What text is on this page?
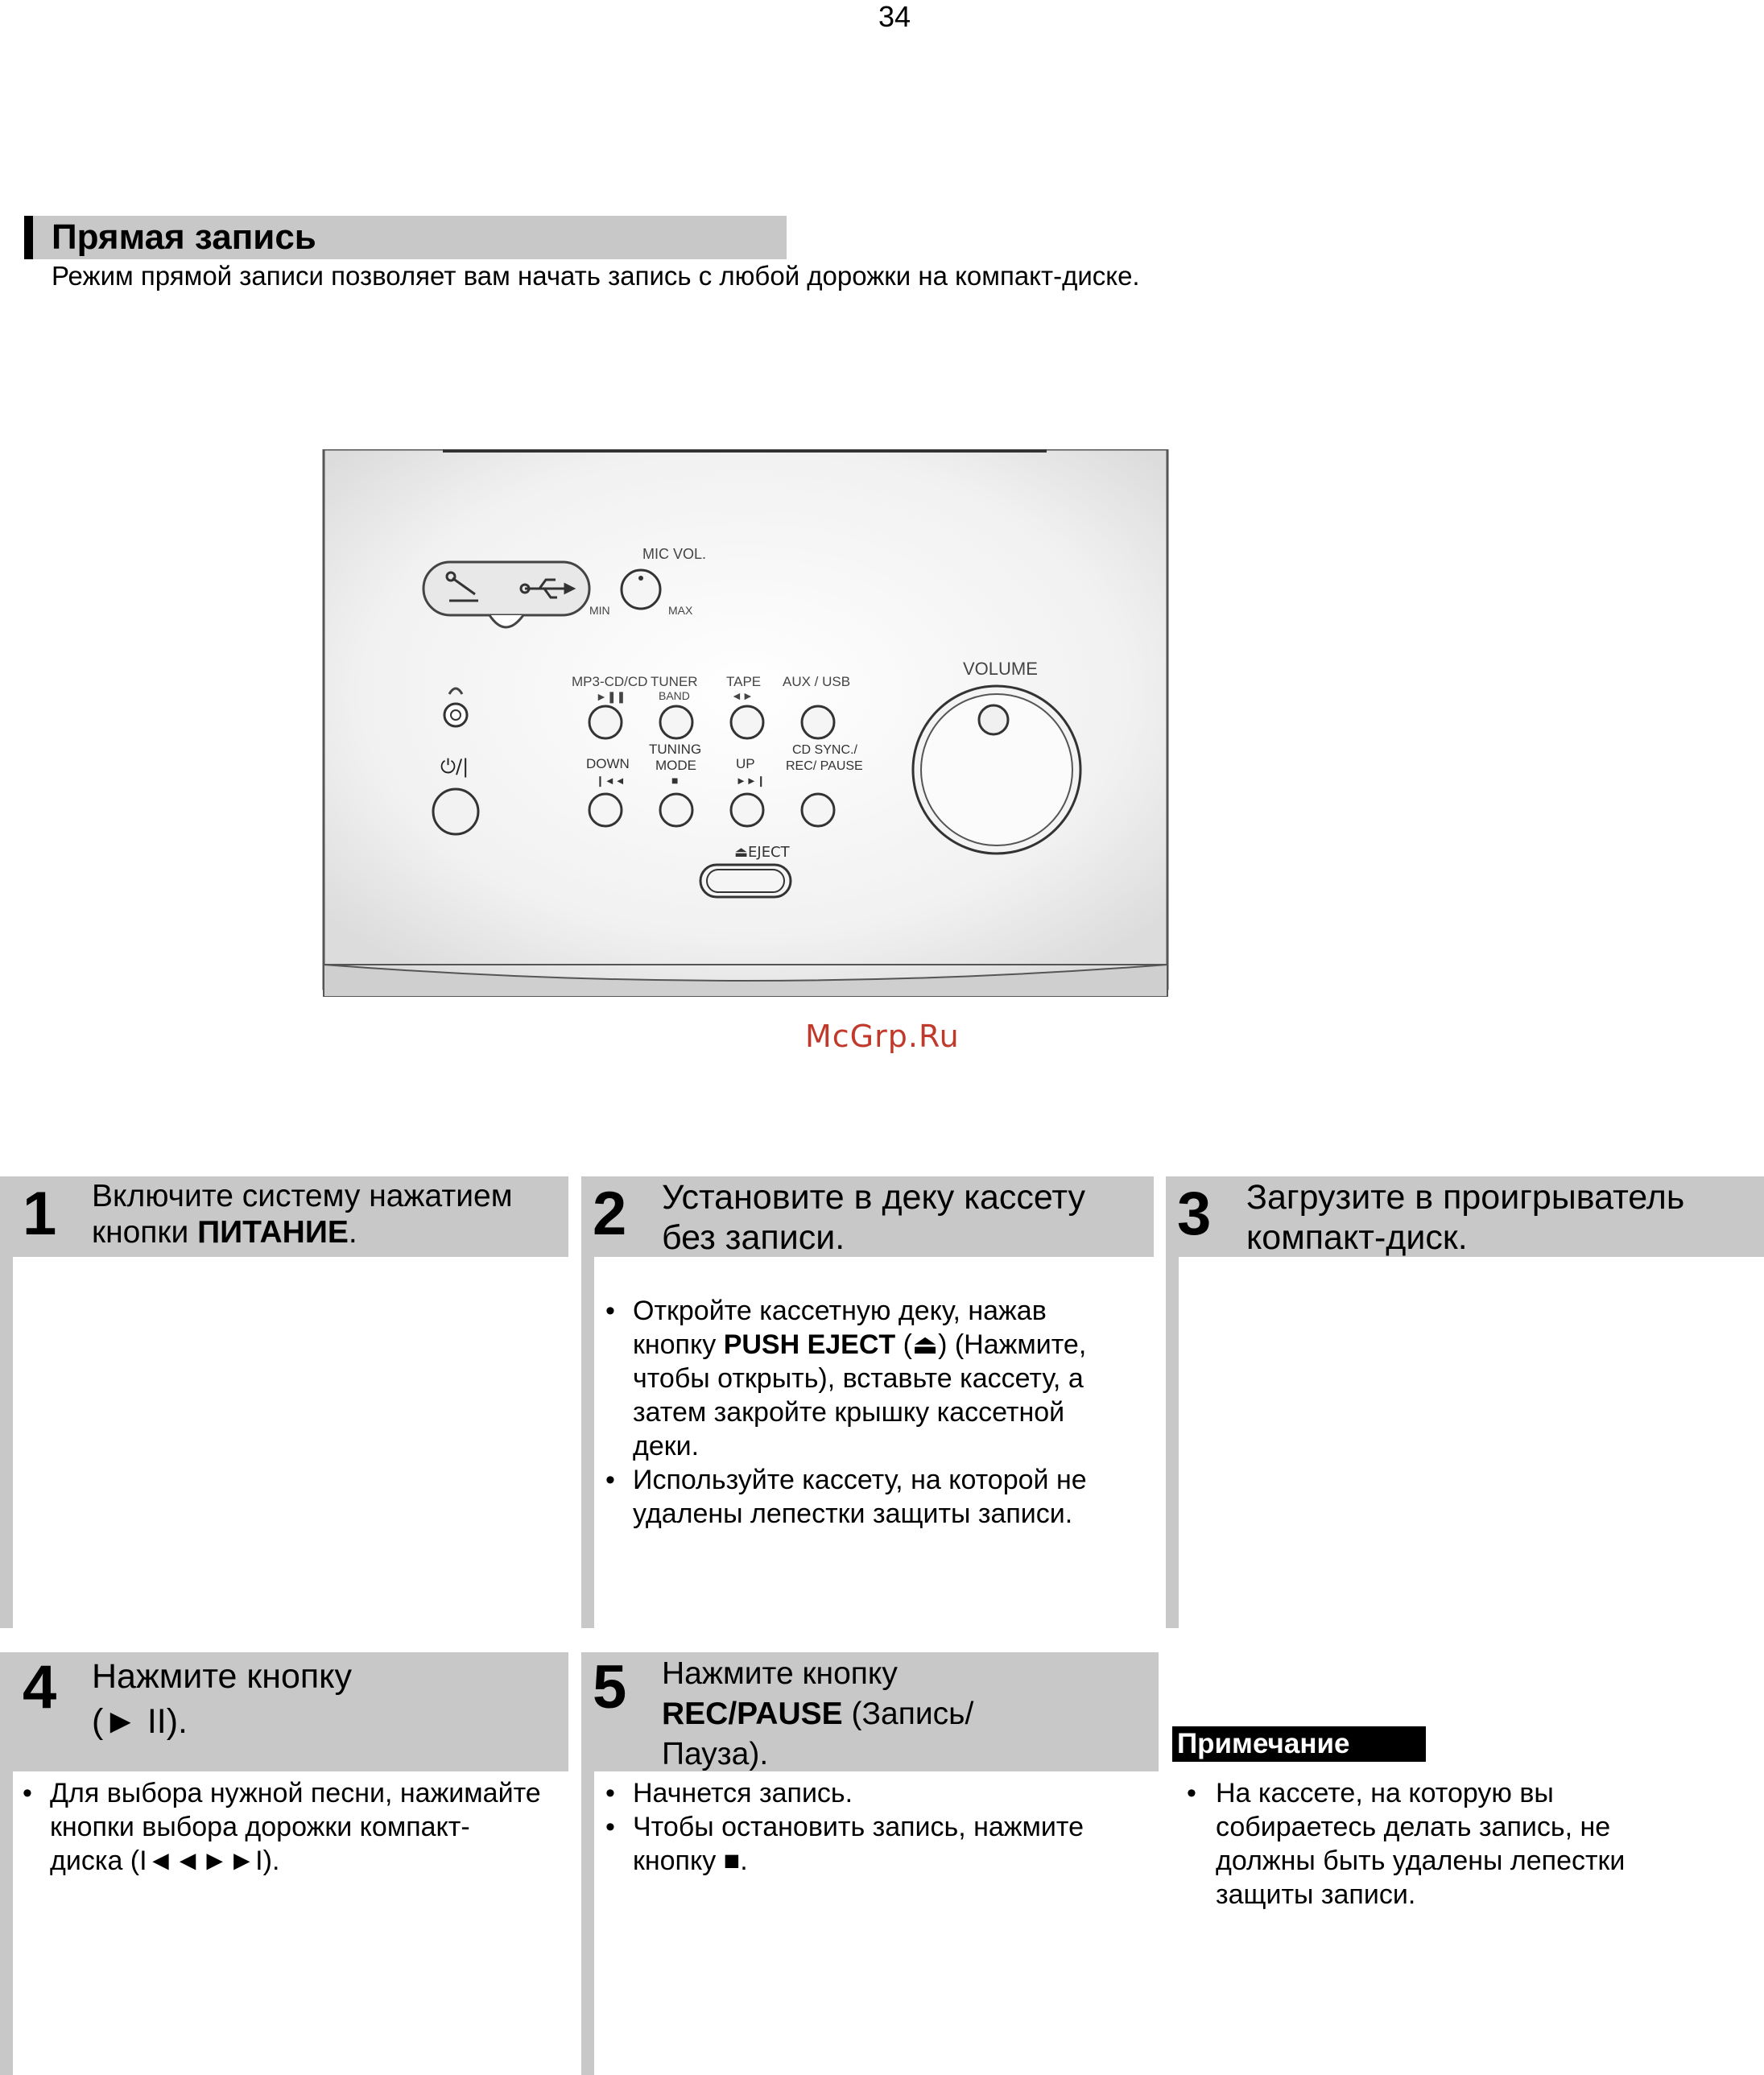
34
Прямая запись
Режим прямой записи позволяет вам начать запись с любой дорожки на компакт-диске.
MIC VOL.
MIN	MAX
⏻/|
MP3-CD/CD
►❚❚
TUNER
BAND
TAPE
◄►
AUX / USB
DOWN
❙◄◄
TUNING
MODE
■
UP
►►❙
CD SYNC./
REC/ PAUSE
⏏EJECT
VOLUME
McGrp.Ru
1 Включите систему нажатием
кнопки ПИТАНИЕ.	2 Установите в деку кассету
без записи.
• Откройте кассетную деку, нажав
кнопку PUSH EJECT (⏏) (Нажмите,
чтобы открыть), вставьте кассету, а
затем закройте крышку кассетной
деки.
• Используйте кассету, на которой не
удалены лепестки защиты записи.
3 Загрузите в проигрыватель
компакт-диск.
4 Нажмите кнопку
(► II).
• Для выбора нужной песни, нажимайте
кнопки выбора дорожки компакт-
диска (I◄◄►►I).
5 Нажмите кнопку
REC/PAUSE (Запись/
Пауза).
• Начнется запись.
• Чтобы остановить запись, нажмите
кнопку ■.
Примечание
• На кассете, на которую вы
собираетесь делать запись, не
должны быть удалены лепестки
защиты записи.
